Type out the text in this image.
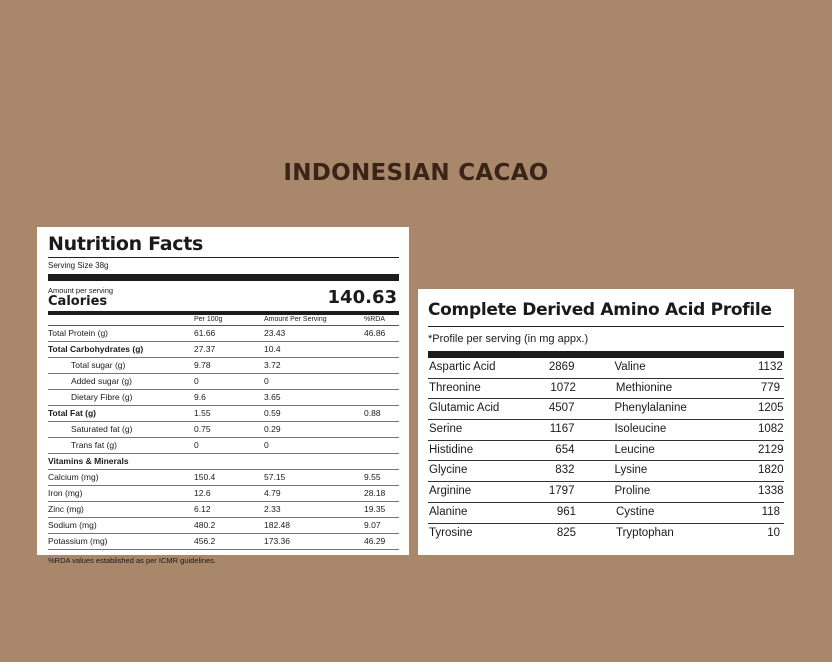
INDONESIAN CACAO
Nutrition Facts
Serving Size 38g
Amount per serving
Calories	140.63
Per 100g	Amount Per Serving	%RDA
Total Protein (g)	61.66	23.43	46.86
Total Carbohydrates (g)	27.37	10.4
Total sugar (g)	9.78	3.72
Added sugar (g)	0	0
Dietary Fibre (g)	9.6	3.65
Total Fat (g)	1.55	0.59	0.88
Saturated fat (g)	0.75	0.29
Trans fat (g)	0	0
Vitamins & Minerals
Calcium (mg)	150.4	57.15	9.55
Iron (mg)	12.6	4.79	28.18
Zinc (mg)	6.12	2.33	19.35
Sodium (mg)	480.2	182.48	9.07
Potassium (mg)	456.2	173.36	46.29
%RDA values established as per ICMR guidelines.
Complete Derived Amino Acid Profile
*Profile per serving (in mg appx.)
Aspartic Acid	2869	Valine	1132
Threonine	1072	Methionine	779
Glutamic Acid	4507	Phenylalanine	1205
Serine	1167	Isoleucine	1082
Histidine	654	Leucine	2129
Glycine	832	Lysine	1820
Arginine	1797	Proline	1338
Alanine	961	Cystine	118
Tyrosine	825	Tryptophan	10
